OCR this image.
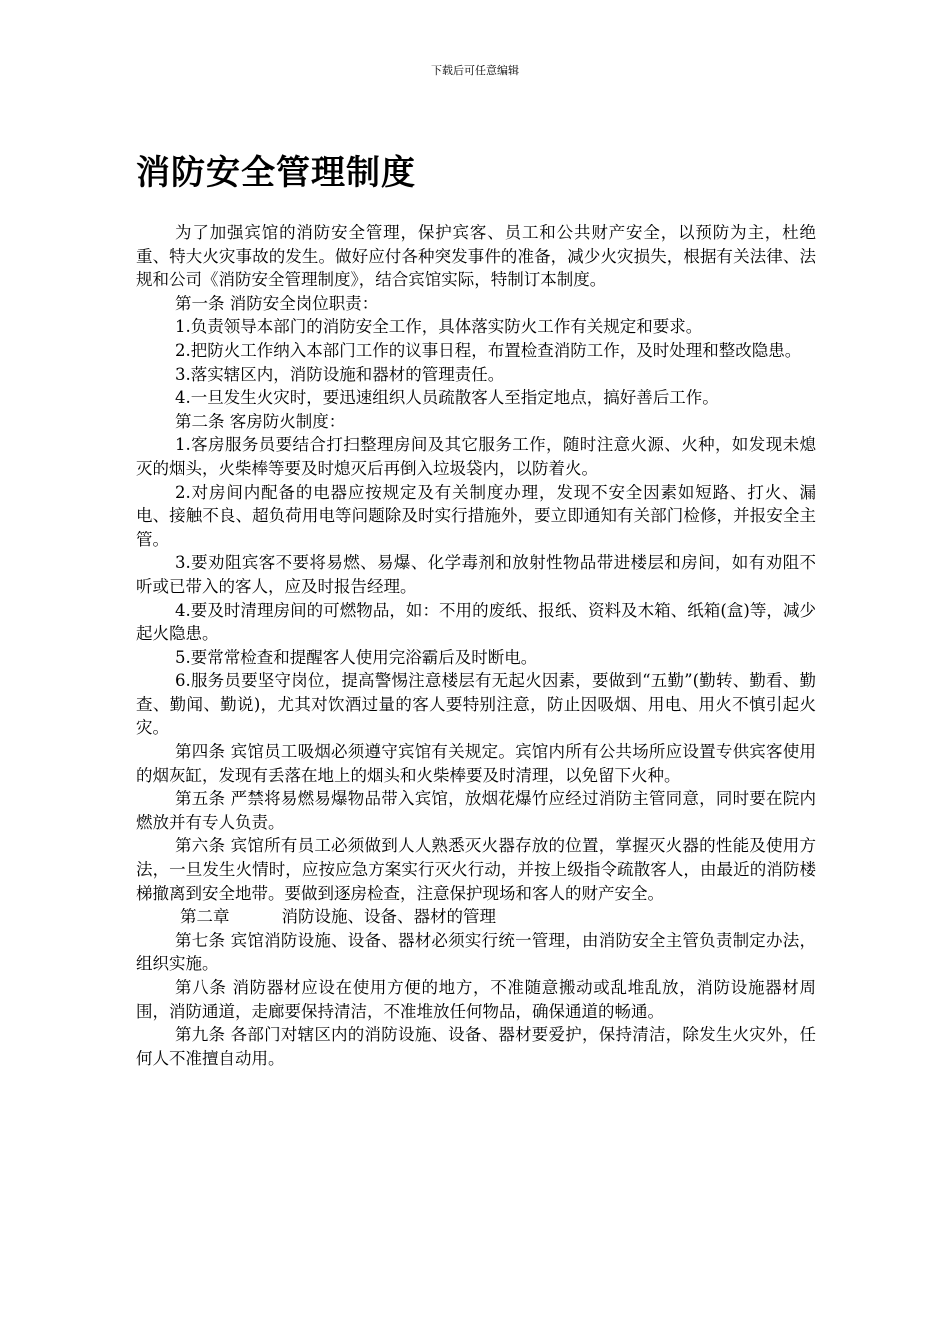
下载后可任意编辑
消防安全管理制度

为了加强宾馆的消防安全管理，保护宾客、员工和公共财产安全，以预防为主，杜绝重、特大火灾事故的发生。做好应付各种突发事件的准备，减少火灾损失，根据有关法律、法规和公司《消防安全管理制度》，结合宾馆实际，特制订本制度。

第一条 消防安全岗位职责：

1.负责领导本部门的消防安全工作，具体落实防火工作有关规定和要求。

2.把防火工作纳入本部门工作的议事日程，布置检查消防工作，及时处理和整改隐患。

3.落实辖区内，消防设施和器材的管理责任。

4.一旦发生火灾时，要迅速组织人员疏散客人至指定地点，搞好善后工作。

第二条 客房防火制度：

1.客房服务员要结合打扫整理房间及其它服务工作，随时注意火源、火种，如发现未熄灭的烟头，火柴棒等要及时熄灭后再倒入垃圾袋内，以防着火。

2.对房间内配备的电器应按规定及有关制度办理，发现不安全因素如短路、打火、漏电、接触不良、超负荷用电等问题除及时实行措施外，要立即通知有关部门检修，并报安全主管。

3.要劝阻宾客不要将易燃、易爆、化学毒剂和放射性物品带进楼层和房间，如有劝阻不听或已带入的客人，应及时报告经理。

4.要及时清理房间的可燃物品，如：不用的废纸、报纸、资料及木箱、纸箱(盒)等，减少起火隐患。

5.要常常检查和提醒客人使用完浴霸后及时断电。

6.服务员要坚守岗位，提高警惕注意楼层有无起火因素，要做到“五勤”(勤转、勤看、勤查、勤闻、勤说)，尤其对饮酒过量的客人要特别注意，防止因吸烟、用电、用火不慎引起火灾。

第四条 宾馆员工吸烟必须遵守宾馆有关规定。宾馆内所有公共场所应设置专供宾客使用的烟灰缸，发现有丢落在地上的烟头和火柴棒要及时清理，以免留下火种。

第五条 严禁将易燃易爆物品带入宾馆，放烟花爆竹应经过消防主管同意，同时要在院内燃放并有专人负责。

第六条 宾馆所有员工必须做到人人熟悉灭火器存放的位置，掌握灭火器的性能及使用方法，一旦发生火情时，应按应急方案实行灭火行动，并按上级指令疏散客人，由最近的消防楼梯撤离到安全地带。要做到逐房检查，注意保护现场和客人的财产安全。

第二章	消防设施、设备、器材的管理

第七条 宾馆消防设施、设备、器材必须实行统一管理，由消防安全主管负责制定办法，组织实施。

第八条 消防器材应设在使用方便的地方，不准随意搬动或乱堆乱放，消防设施器材周围，消防通道，走廊要保持清洁，不准堆放任何物品，确保通道的畅通。

第九条 各部门对辖区内的消防设施、设备、器材要爱护，保持清洁，除发生火灾外，任何人不准擅自动用。
